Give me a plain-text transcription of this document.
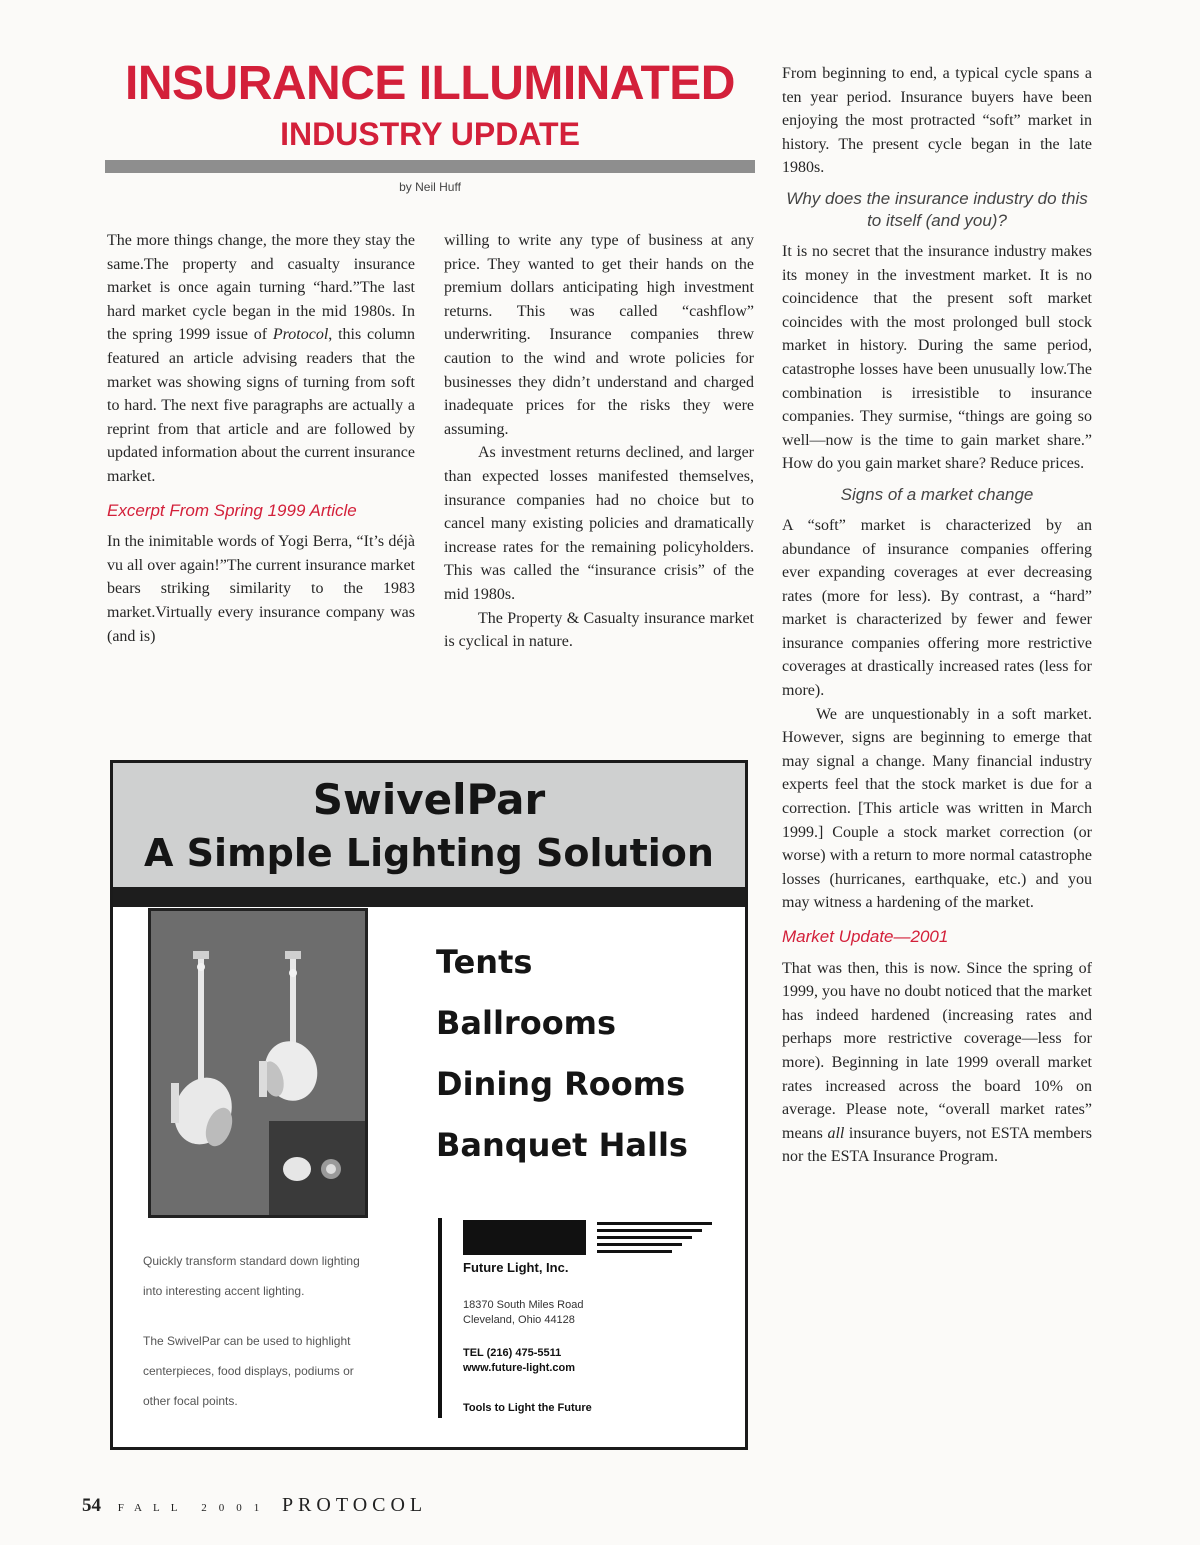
INSURANCE ILLUMINATED
INDUSTRY UPDATE
by Neil Huff

The more things change, the more they stay the same.The property and casualty insurance market is once again turning “hard.”The last hard market cycle began in the mid 1980s. In the spring 1999 issue of Protocol, this column featured an article advising readers that the market was showing signs of turning from soft to hard. The next five paragraphs are actually a reprint from that article and are followed by updated information about the current insurance market.

Excerpt From Spring 1999 Article

In the inimitable words of Yogi Berra, “It’s déjà vu all over again!”The current insurance market bears striking similarity to the 1983 market.Virtually every insurance company was (and is)

willing to write any type of business at any price. They wanted to get their hands on the premium dollars anticipating high investment returns. This was called “cashflow” underwriting. Insurance companies threw caution to the wind and wrote policies for businesses they didn’t understand and charged inadequate prices for the risks they were assuming.

As investment returns declined, and larger than expected losses manifested themselves, insurance companies had no choice but to cancel many existing policies and dramatically increase rates for the remaining policyholders. This was called the “insurance crisis” of the mid 1980s.

The Property & Casualty insurance market is cyclical in nature.

From beginning to end, a typical cycle spans a ten year period. Insurance buyers have been enjoying the most protracted “soft” market in history. The present cycle began in the late 1980s.

Why does the insurance industry do this to itself (and you)?

It is no secret that the insurance industry makes its money in the investment market. It is no coincidence that the present soft market coincides with the most prolonged bull stock market in history. During the same period, catastrophe losses have been unusually low.The combination is irresistible to insurance companies. They surmise, “things are going so well—now is the time to gain market share.” How do you gain market share? Reduce prices.

Signs of a market change

A “soft” market is characterized by an abundance of insurance companies offering ever expanding coverages at ever decreasing rates (more for less). By contrast, a “hard” market is characterized by fewer and fewer insurance companies offering more restrictive coverages at drastically increased rates (less for more).

We are unquestionably in a soft market. However, signs are beginning to emerge that may signal a change. Many financial industry experts feel that the stock market is due for a correction. [This article was written in March 1999.] Couple a stock market correction (or worse) with a return to more normal catastrophe losses (hurricanes, earthquake, etc.) and you may witness a hardening of the market.

Market Update—2001

That was then, this is now. Since the spring of 1999, you have no doubt noticed that the market has indeed hardened (increasing rates and perhaps more restrictive coverage—less for more). Beginning in late 1999 overall market rates increased across the board 10% on average. Please note, “overall market rates” means all insurance buyers, not ESTA members nor the ESTA Insurance Program.

SwivelPar
A Simple Lighting Solution
Tents
Ballrooms
Dining Rooms
Banquet Halls
Quickly transform standard down lighting
into interesting accent lighting.
The SwivelPar can be used to highlight
centerpieces, food displays, podiums or
other focal points.
Future Light, Inc.
18370 South Miles Road
Cleveland, Ohio 44128
TEL (216) 475-5511
www.future-light.com
Tools to Light the Future
54 FALL 2001 PROTOCOL
